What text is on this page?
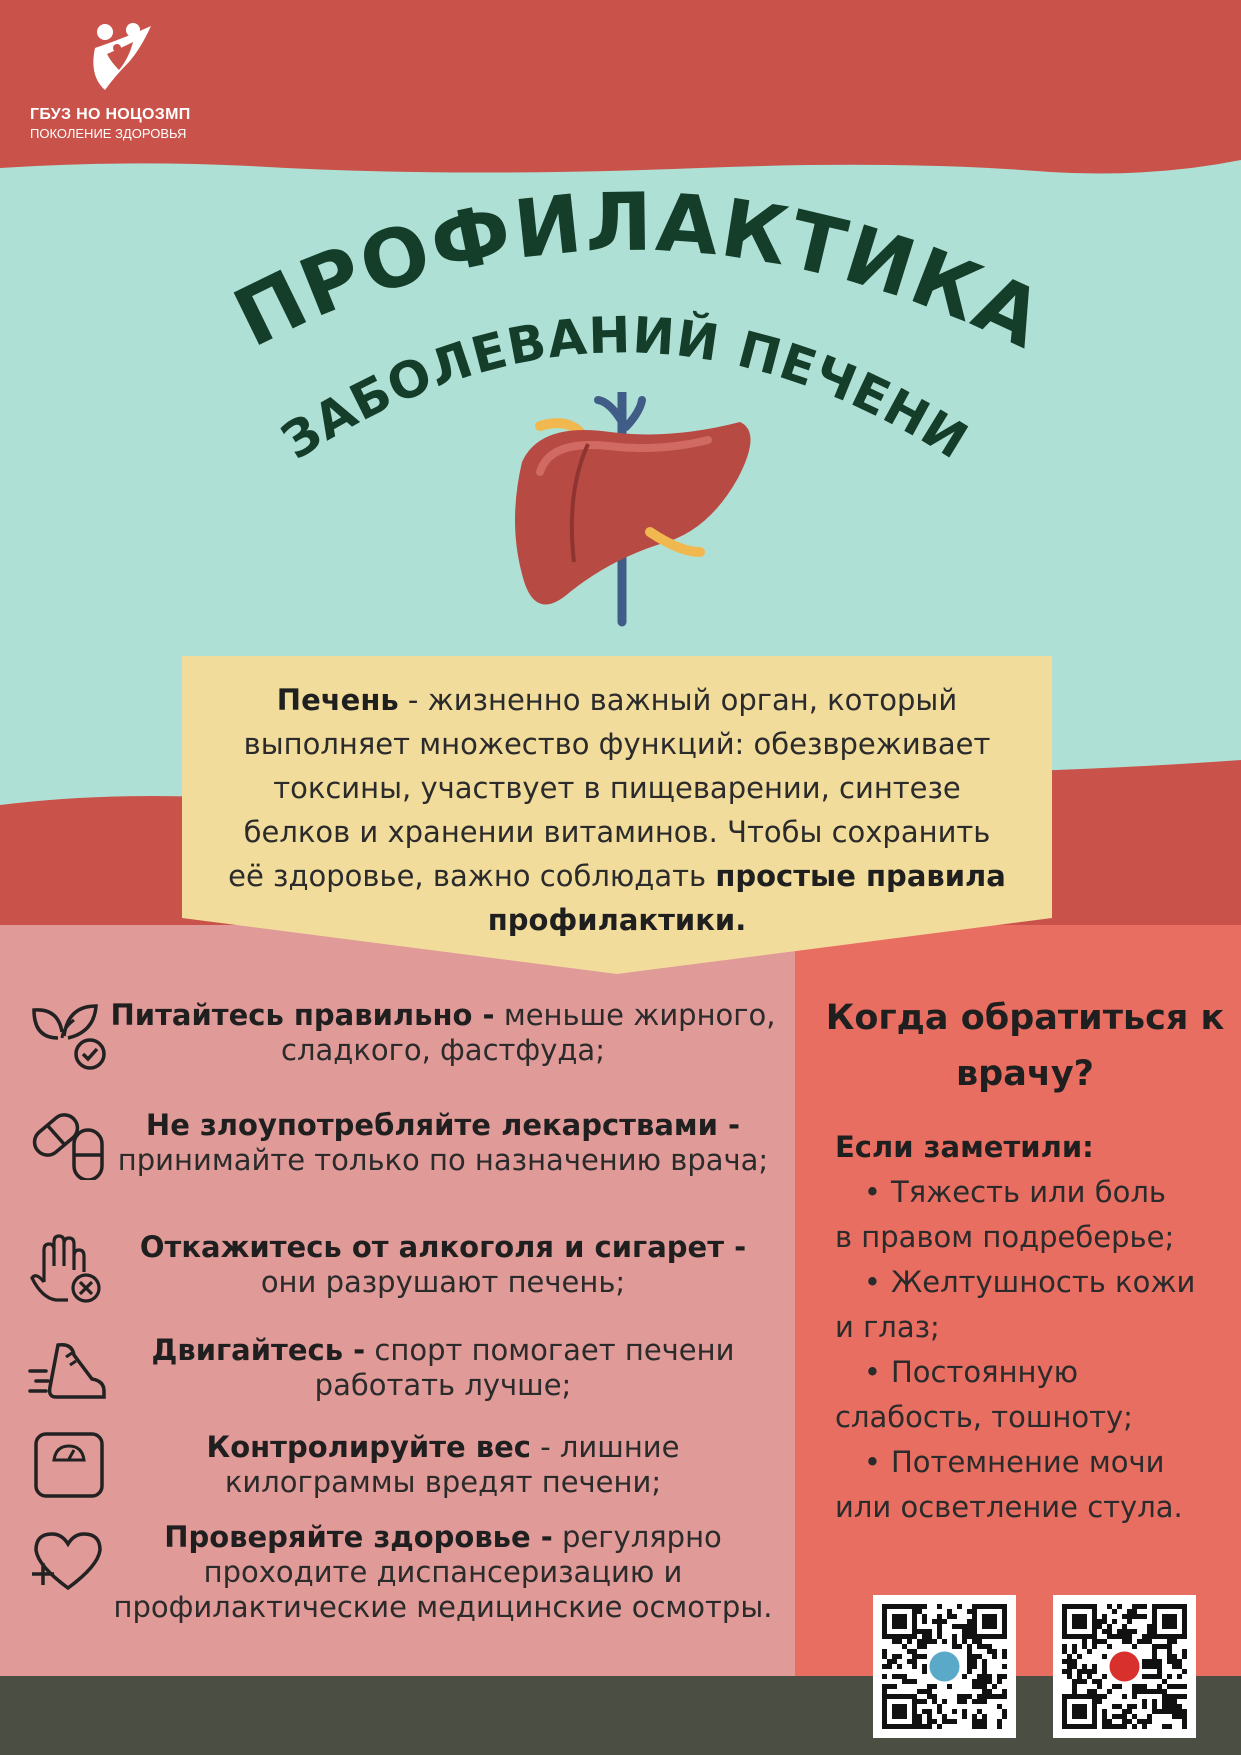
ГБУЗ НО НОЦОЗМП
ПОКОЛЕНИЕ ЗДОРОВЬЯ
ПРОФИЛАКТИКА
ЗАБОЛЕВАНИЙ ПЕЧЕНИ
Печень - жизненно важный орган, который выполняет множество функций: обезвреживает токсины, участвует в пищеварении, синтезе белков и хранении витаминов. Чтобы сохранить её здоровье, важно соблюдать простые правила профилактики.
Питайтесь правильно - меньше жирного, сладкого, фастфуда;
Не злоупотребляйте лекарствами - принимайте только по назначению врача;
Откажитесь от алкоголя и сигарет - они разрушают печень;
Двигайтесь - спорт помогает печени работать лучше;
Контролируйте вес - лишние килограммы вредят печени;
Проверяйте здоровье - регулярно проходите диспансеризацию и профилактические медицинские осмотры.
Когда обратиться к врачу?
Если заметили:
• Тяжесть или боль
в правом подреберье;
• Желтушность кожи
и глаз;
• Постоянную
слабость, тошноту;
• Потемнение мочи
или осветление стула.
